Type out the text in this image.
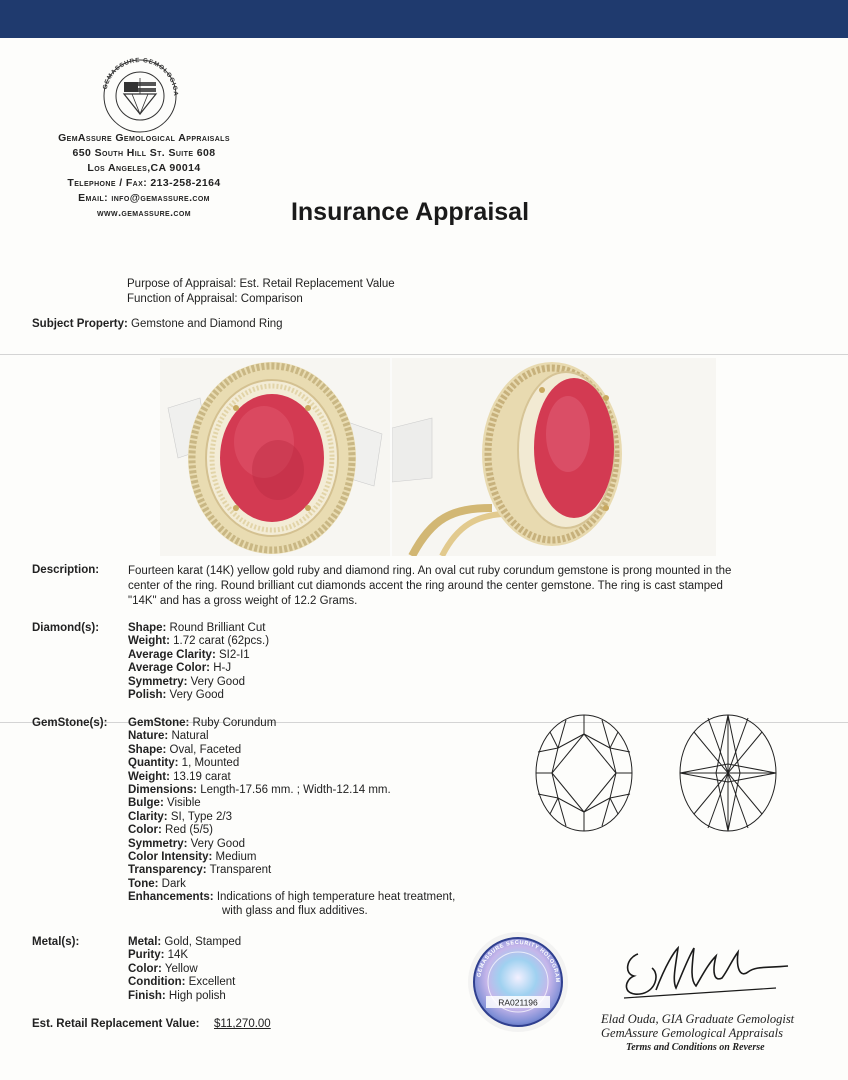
GEMASSURE GEMOLOGICA
GemAssure Gemological Appraisals
650 South Hill St. Suite 608
Los Angeles,CA 90014
Telephone / Fax: 213-258-2164
Email: info@gemassure.com
www.gemassure.com	Insurance Appraisal
Purpose of Appraisal: Est. Retail Replacement Value
Function of Appraisal: Comparison
Subject Property: Gemstone and Diamond Ring
Description:	Fourteen karat (14K) yellow gold ruby and diamond ring. An oval cut ruby corundum gemstone is prong mounted in the center of the ring. Round brilliant cut diamonds accent the ring around the center gemstone. The ring is cast stamped "14K" and has a gross weight of 12.2 Grams.
Diamond(s):	Shape: Round Brilliant Cut
Weight: 1.72 carat (62pcs.)
Average Clarity: SI2-I1
Average Color: H-J
Symmetry: Very Good
Polish: Very Good
GemStone(s): GemStone: Ruby Corundum
Nature: Natural
Shape: Oval, Faceted
Quantity: 1, Mounted
Weight: 13.19 carat
Dimensions: Length-17.56 mm. ; Width-12.14 mm.
Bulge: Visible
Clarity: SI, Type 2/3
Color: Red (5/5)
Symmetry: Very Good
Color Intensity: Medium
Transparency: Transparent
Tone: Dark
Enhancements: Indications of high temperature heat treatment,
with glass and flux additives.
Metal(s):	Metal: Gold, Stamped
Purity: 14K
Color: Yellow
Condition: Excellent
Finish: High polish
Est. Retail Replacement Value: $11,270.00
GEMASSURE SECURITY HOLOGRAM
RA021196
Elad Ouda, GIA Graduate Gemologist
GemAssure Gemological Appraisals
Terms and Conditions on Reverse
